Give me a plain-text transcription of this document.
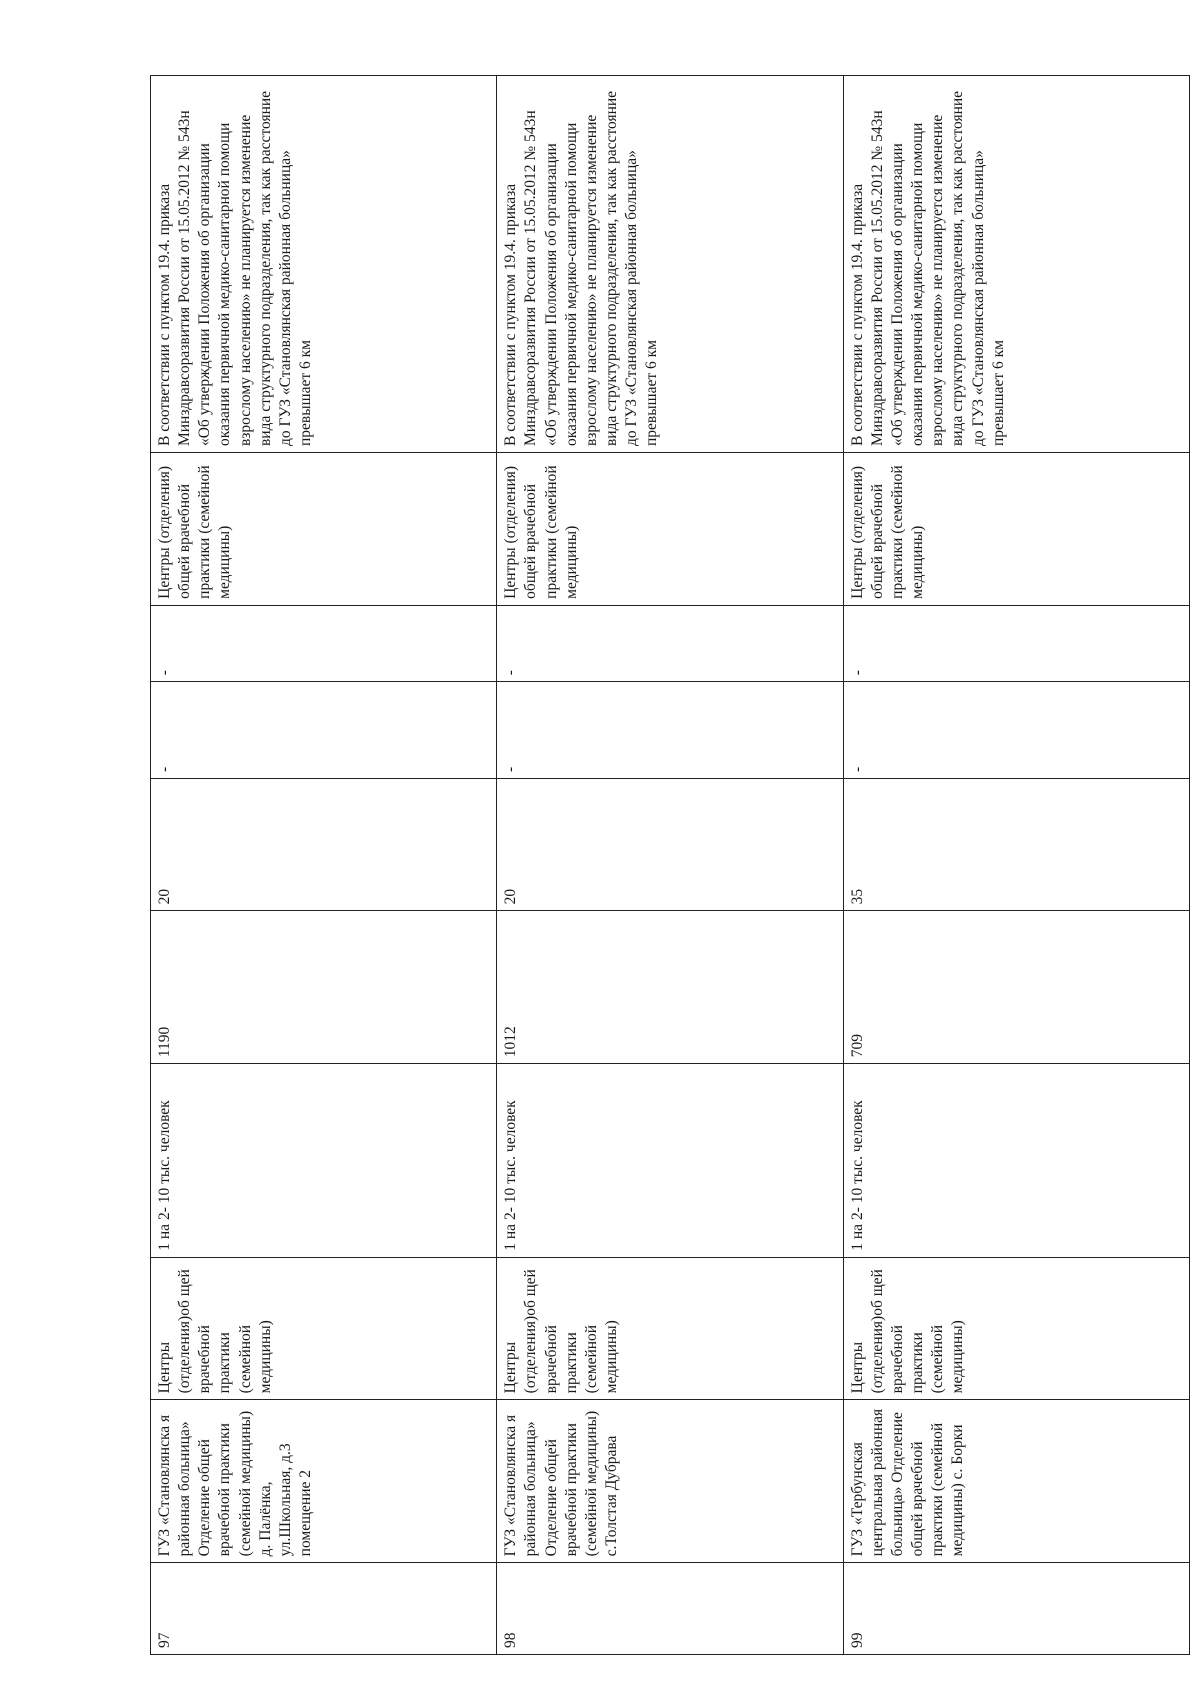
97	ГУЗ «Становлянска я районная больница» Отделение общей врачебной практики (семейной медицины) д. Палёнка, ул.Школьная, д.3 помещение 2	Центры (отделения)об щей врачебной практики (семейной медицины)	1 на 2- 10 тыс. человек	1190	20	-	-	Центры (отделения) общей врачебной практики (семейной медицины)	В соответствии с пунктом 19.4. приказа Минздравсоразвития России от 15.05.2012 № 543н «Об утверждении Положения об организации оказания первичной медико-санитарной помощи взрослому населению» не планируется изменение вида структурного подразделения, так как расстояние до ГУЗ «Становлянская районная больница» превышает 6 км
98	ГУЗ «Становлянска я районная больница» Отделение общей врачебной практики (семейной медицины) с.Толстая Дубрава	Центры (отделения)об щей врачебной практики (семейной медицины)	1 на 2- 10 тыс. человек	1012	20	-	-	Центры (отделения) общей врачебной практики (семейной медицины)	В соответствии с пунктом 19.4. приказа Минздравсоразвития России от 15.05.2012 № 543н «Об утверждении Положения об организации оказания первичной медико-санитарной помощи взрослому населению» не планируется изменение вида структурного подразделения, так как расстояние до ГУЗ «Становлянская районная больница» превышает 6 км
99	ГУЗ «Тербунская центральная районная больница» Отделение общей врачебной практики (семейной медицины) с. Борки	Центры (отделения)об щей врачебной практики (семейной медицины)	1 на 2- 10 тыс. человек	709	35	-	-	Центры (отделения) общей врачебной практики (семейной медицины)	В соответствии с пунктом 19.4. приказа Минздравсоразвития России от 15.05.2012 № 543н «Об утверждении Положения об организации оказания первичной медико-санитарной помощи взрослому населению» не планируется изменение вида структурного подразделения, так как расстояние до ГУЗ «Становлянская районная больница» превышает 6 км
